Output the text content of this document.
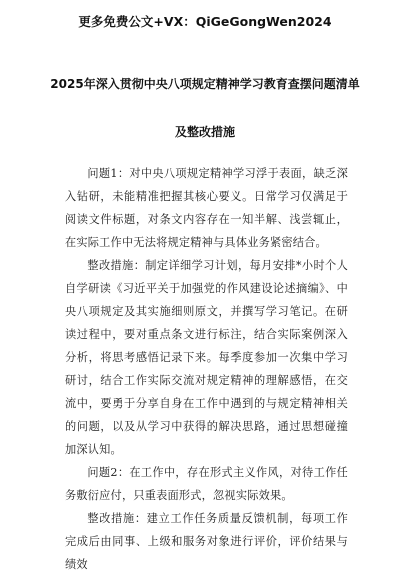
更多免费公文+VX：QiGeGongWen2024
2025年深入贯彻中央八项规定精神学习教育查摆问题清单
及整改措施

问题1：对中央八项规定精神学习浮于表面，缺乏深入钻研，未能精准把握其核心要义。日常学习仅满足于阅读文件标题，对条文内容存在一知半解、浅尝辄止，在实际工作中无法将规定精神与具体业务紧密结合。

整改措施：制定详细学习计划，每月安排*小时个人自学研读《习近平关于加强党的作风建设论述摘编》、中央八项规定及其实施细则原文，并撰写学习笔记。在研读过程中，要对重点条文进行标注，结合实际案例深入分析，将思考感悟记录下来。每季度参加一次集中学习研讨，结合工作实际交流对规定精神的理解感悟，在交流中，要勇于分享自身在工作中遇到的与规定精神相关的问题，以及从学习中获得的解决思路，通过思想碰撞加深认知。

问题2：在工作中，存在形式主义作风，对待工作任务敷衍应付，只重表面形式，忽视实际效果。

整改措施：建立工作任务质量反馈机制，每项工作完成后由同事、上级和服务对象进行评价，评价结果与绩效
